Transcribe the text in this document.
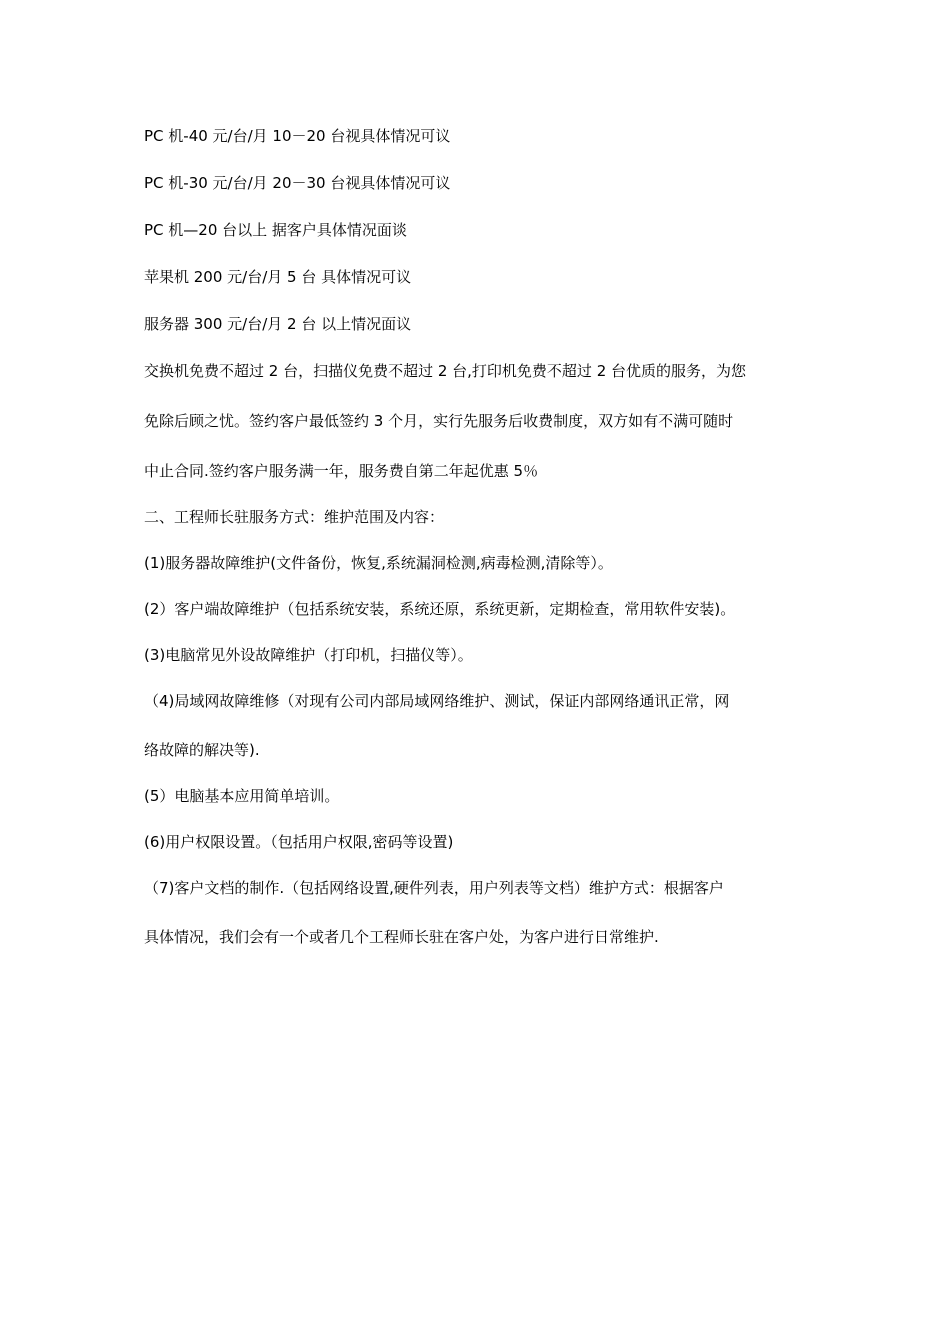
PC 机-40 元/台/月 10－20 台视具体情况可议
PC 机-30 元/台/月 20－30 台视具体情况可议
PC 机—20 台以上 据客户具体情况面谈
苹果机 200 元/台/月 5 台 具体情况可议
服务器 300 元/台/月 2 台 以上情况面议
交换机免费不超过 2 台，扫描仪免费不超过 2 台,打印机免费不超过 2 台优质的服务，为您
免除后顾之忧。签约客户最低签约 3 个月，实行先服务后收费制度，双方如有不满可随时
中止合同.签约客户服务满一年，服务费自第二年起优惠 5％
二、工程师长驻服务方式：维护范围及内容：
(1)服务器故障维护(文件备份，恢复,系统漏洞检测,病毒检测,清除等）。
(2）客户端故障维护（包括系统安装，系统还原，系统更新，定期检查，常用软件安装)。
(3)电脑常见外设故障维护（打印机，扫描仪等）。
（4)局域网故障维修（对现有公司内部局域网络维护、测试，保证内部网络通讯正常，网
络故障的解决等).
(5）电脑基本应用简单培训。
(6)用户权限设置。（包括用户权限,密码等设置)
（7)客户文档的制作.（包括网络设置,硬件列表，用户列表等文档）维护方式：根据客户
具体情况，我们会有一个或者几个工程师长驻在客户处，为客户进行日常维护.
